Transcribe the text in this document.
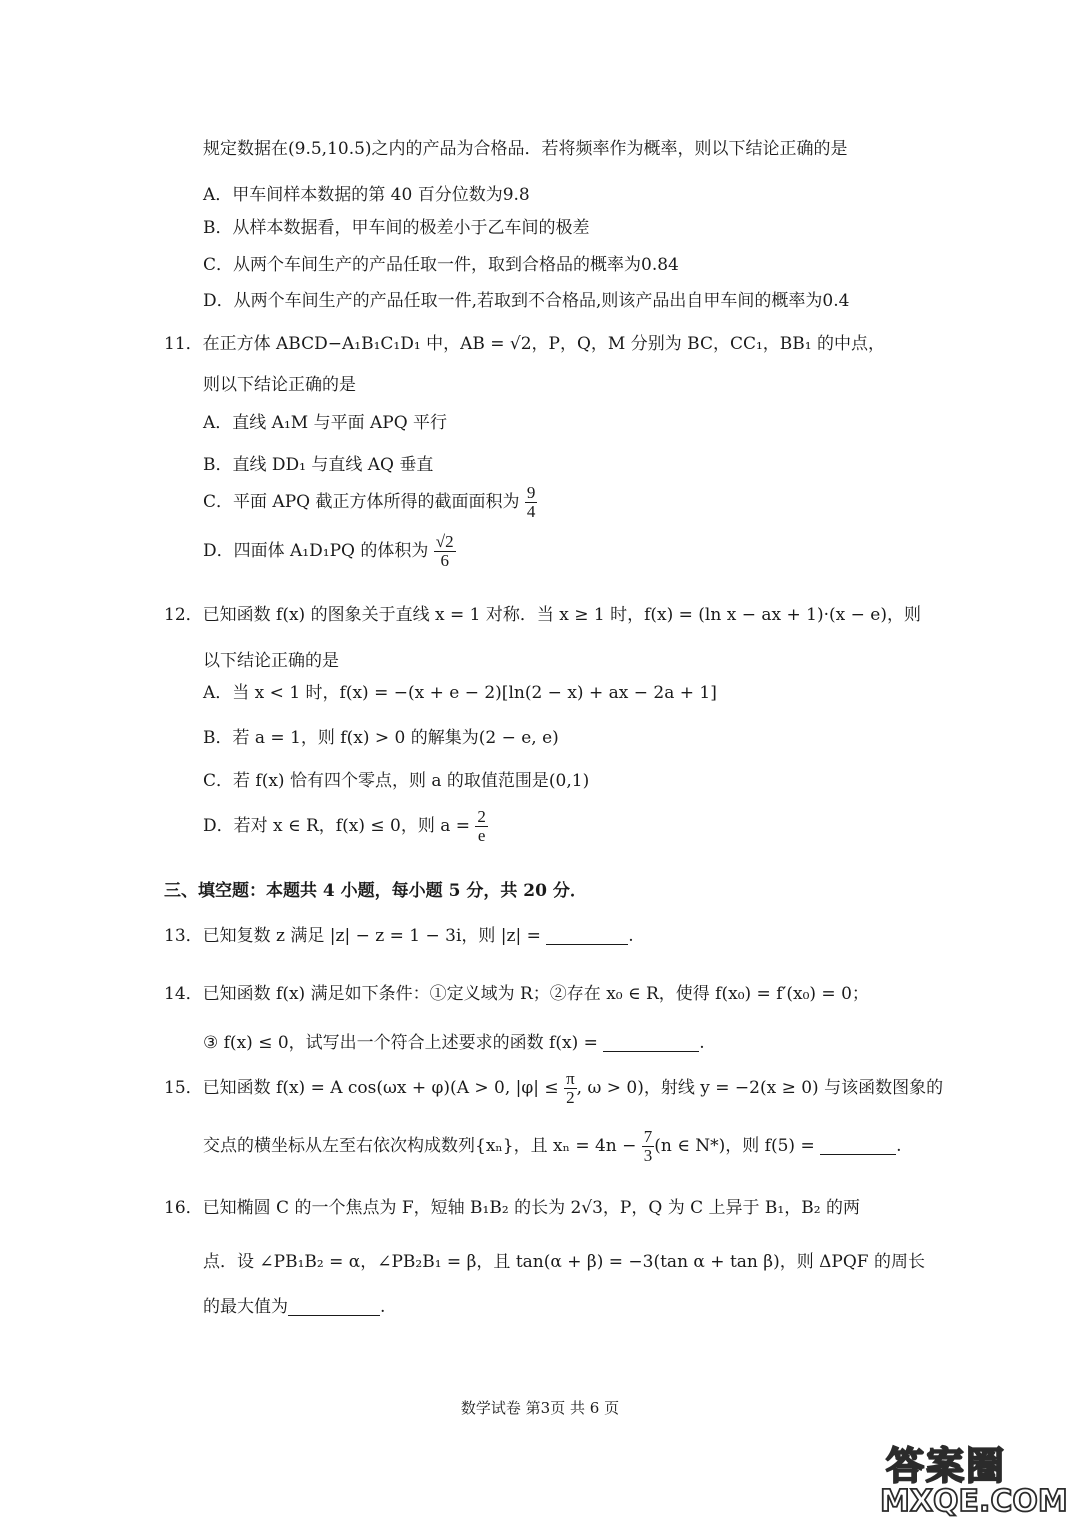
规定数据在(9.5,10.5)之内的产品为合格品．若将频率作为概率，则以下结论正确的是
A．甲车间样本数据的第 40 百分位数为9.8
B．从样本数据看，甲车间的极差小于乙车间的极差
C．从两个车间生产的产品任取一件，取到合格品的概率为0.84
D．从两个车间生产的产品任取一件,若取到不合格品,则该产品出自甲车间的概率为0.4
11．在正方体 ABCD−A₁B₁C₁D₁ 中，AB = √2，P，Q，M 分别为 BC，CC₁，BB₁ 的中点，
则以下结论正确的是
A．直线 A₁M 与平面 APQ 平行
B．直线 DD₁ 与直线 AQ 垂直
C．平面 APQ 截正方体所得的截面面积为 $\frac{9}{4}$
D．四面体 A₁D₁PQ 的体积为 $\frac{√2}{6}$
12．已知函数 f(x) 的图象关于直线 x = 1 对称．当 x ≥ 1 时，f(x) = (ln x − ax + 1)·(x − e)，则
以下结论正确的是
A．当 x < 1 时，f(x) = −(x + e − 2)[ln(2 − x) + ax − 2a + 1]
B．若 a = 1，则 f(x) > 0 的解集为(2 − e, e)
C．若 f(x) 恰有四个零点，则 a 的取值范围是(0,1)
D．若对 x ∈ R，f(x) ≤ 0，则 $a = \frac{2}{e}$
三、填空题：本题共 4 小题，每小题 5 分，共 20 分．
13．已知复数 z 满足 |z| − z = 1 − 3i，则 |z| =	.
14．已知函数 f(x) 满足如下条件：①定义域为 R；②存在 x₀ ∈ R，使得 f(x₀) = f′(x₀) = 0；
③ f(x) ≤ 0，试写出一个符合上述要求的函数 f(x) =	.
15．已知函数 f(x) = A cos(ωx + φ)(A > 0, $|\varphi| \le \frac{\pi}{2}$ , ω > 0)，射线 y = −2(x ≥ 0) 与该函数图象的
交点的横坐标从左至右依次构成数列{xₙ}，且 $x_n = 4n - \frac{7}{3} (n$ ∈ N*)，则 f(5) =	.
16．已知椭圆 C 的一个焦点为 F，短轴 B₁B₂ 的长为 2√3，P，Q 为 C 上异于 B₁，B₂ 的两
点．设 ∠PB₁B₂ = α，∠PB₂B₁ = β，且 tan(α + β) = −3(tan α + tan β)，则 ΔPQF 的周长
的最大值为	.
数学试卷 第3页 共 6 页
答案圈
MXQE.COM
